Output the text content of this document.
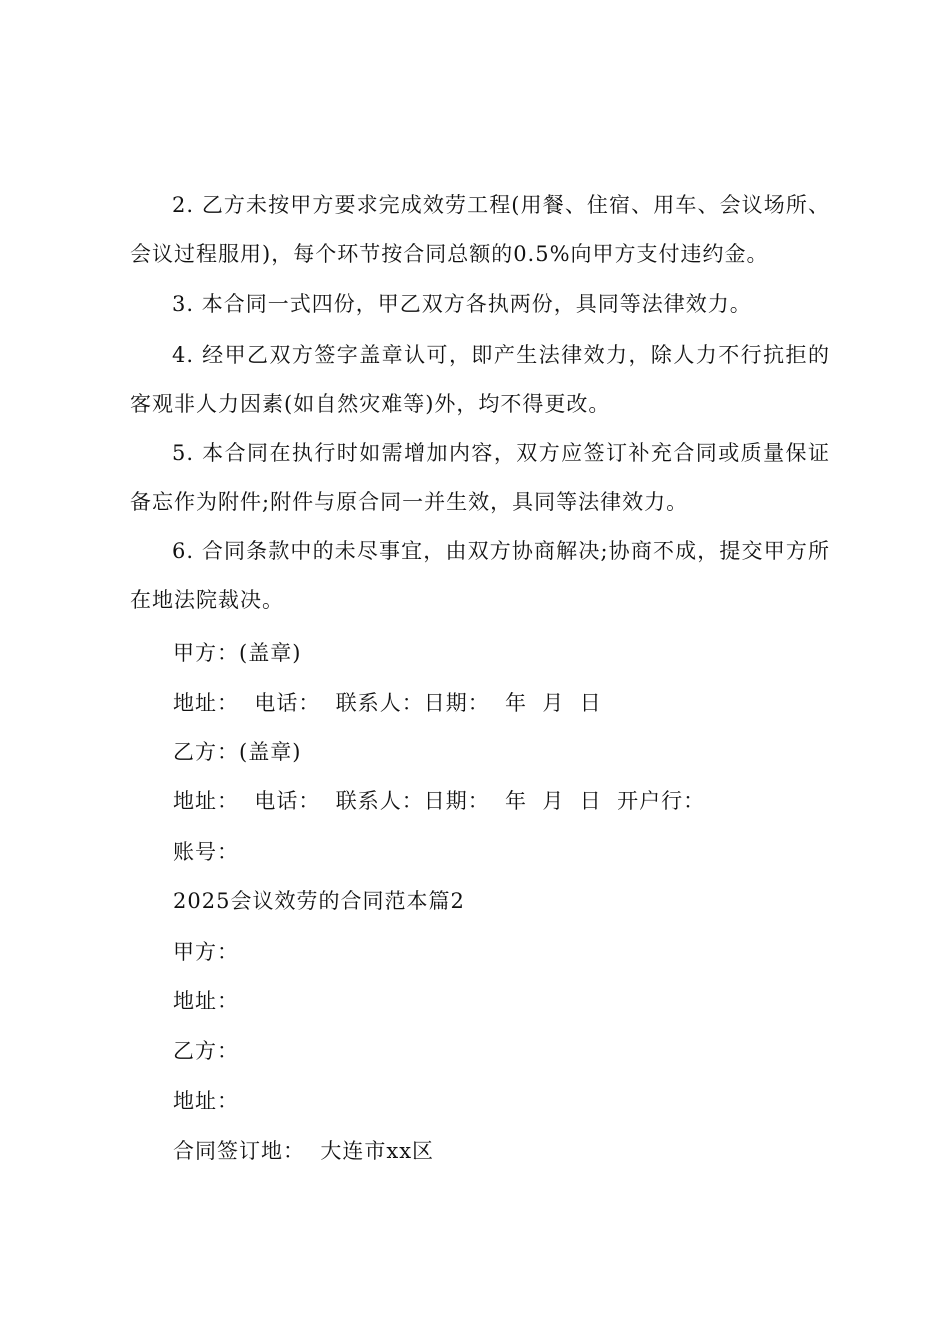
2. 乙方未按甲方要求完成效劳工程(用餐、住宿、用车、会议场所、会议过程服用)，每个环节按合同总额的0.5%向甲方支付违约金。

3. 本合同一式四份，甲乙双方各执两份，具同等法律效力。

4. 经甲乙双方签字盖章认可，即产生法律效力，除人力不行抗拒的客观非人力因素(如自然灾难等)外，均不得更改。

5. 本合同在执行时如需增加内容，双方应签订补充合同或质量保证备忘作为附件;附件与原合同一并生效，具同等法律效力。

6. 合同条款中的未尽事宜，由双方协商解决;协商不成，提交甲方所在地法院裁决。

甲方：(盖章)

地址：  电话：  联系人：日期：  年  月  日

乙方：(盖章)

地址：  电话：  联系人：日期：  年  月  日  开户行：

账号：

2025会议效劳的合同范本篇2

甲方：

地址：

乙方：

地址：

合同签订地：  大连市xx区
